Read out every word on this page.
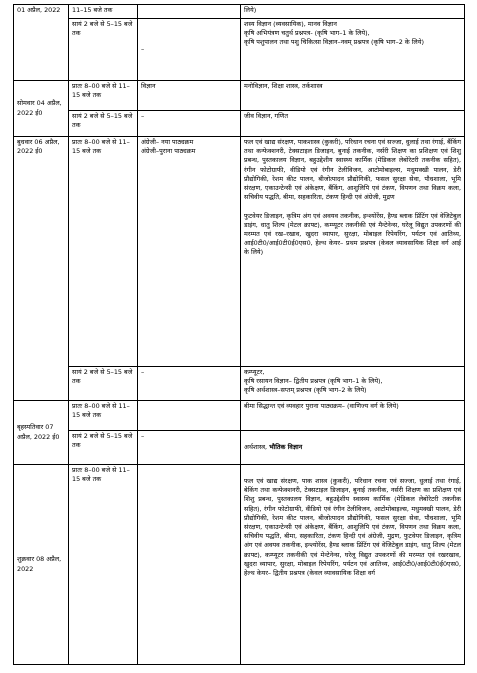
01 अप्रैल, 2022	11–15 बजे तक		लिये)
	सायं 2 बजे से 5–15 बजे तक	–	शस्य विज्ञान (व्यवसायिक), मानव विज्ञान
कृषि अभियंत्रण चतुर्थ प्रश्नपत्र- (कृषि भाग–1 के लिये),
कृषि पशुपालन तथा पशु चिकित्सा विज्ञान–नवम् प्रश्नपत्र (कृषि भाग–2 के लिये)
सोमवार 04 अप्रैल, 2022 ई0	प्रातः 8–00 बजे से 11–15 बजे तक	विज्ञान	मनोविज्ञान, शिक्षा शास्त्र, तर्कशास्त्र
	सायं 2 बजे से 5–15 बजे तक	–	जीव विज्ञान, गणित
बुधवार 06 अप्रैल, 2022 ई0	प्रातः 8–00 बजे से 11–15 बजे तक	अंग्रेजी– नया पाठ्यक्रम
अंग्रेजी–पुराना पाठ्यक्रम	फल एवं खाद्य संरक्षण, पाकशास्त्र (कुकरी), परिधान रचना एवं सज्जा, धुलाई तथा रंगाई, बैंकिंग तथा कन्फेक्शनरी, टेक्सटाइल डिजाइन, बुनाई तकनीक, नर्सरी शिक्षण का प्रशिक्षण एवं शिशु प्रबन्ध, पुस्तकालय विज्ञान, बहुउद्देशीय स्वास्थ्य कार्मिक (मेडिकल लेबोरेटरी तकनीक सहित), रंगीन फोटोग्राफी, वीडियो एवं रंगीन टेलीविजन, आटोमोबाइल्स, मधुमक्खी पालन, डेरी प्रौद्योगिकी, रेशम कीट पालन, बीजोत्पादन प्रौद्योगिकी, फसल सुरक्षा सेवा, पौधशाला, भूमि संरक्षण, एकाउन्टेन्सी एवं अंकेक्षण, बैंकिंग, आशुलिपि एवं टंकण, विपणन तथा विक्रय कला, सचिवीय पद्धति, बीमा, सहकारिता, टंकण हिन्दी एवं अंग्रेजी, मुद्रण

फुटवेयर डिजाइन, कृत्रिम अंग एवं अवयव तकनीक, इन्श्योरेंस, हैण्ड ब्लाक प्रिंटिंग एवं वेजिटेबुल डाइंग, धातु शिल्प (मेटल क्राफ्ट), कम्प्यूटर तकनीकी एवं मैन्टेनेन्स, घरेलू विद्युत उपकरणों की मरम्मत एवं रख–रखाव, खुदरा व्यापार, सुरक्षा, मोबाइल रिपेयरिंग, पर्यटन एवं आतिथ्य, आई0टी0/आई0टी0ई0एस0, हेल्थ केयर– प्रथम प्रश्नपत्र (केवल व्यावसायिक शिक्षा वर्ग आई के लिये)
	सायं 2 बजे से 5–15 बजे तक	–	कम्प्यूटर,
कृषि रसायन विज्ञान– द्वितीय प्रश्नपत्र (कृषि भाग–1 के लिये),
कृषि अर्थशास्त्र–सप्तम् प्रश्नपत्र (कृषि भाग–2 के लिये)
बृहस्पतिवार 07 अप्रैल, 2022 ई0	प्रातः 8–00 बजे से 11–15 बजे तक		बीमा सिद्धान्त एवं व्यवहार पुराना पाठ्यक्रम– (वाणिज्य वर्ग के लिये)
	सायं 2 बजे से 5–15 बजे तक	–	अर्थशास्त्र, भौतिक विज्ञान
शुक्रवार 08 अप्रैल, 2022	प्रातः 8–00 बजे से 11–15 बजे तक		फल एवं खाद्य संरक्षण, पाक शास्त्र (कुकरी), परिधान रचना एवं सज्जा, धुलाई तथा रंगाई, बेकिंग तथा कन्फेक्शनरी, टेक्सटाइल डिजाइन, बुनाई तकनीक, नर्सरी शिक्षण का प्रशिक्षण एवं शिशु प्रबन्ध, पुस्तकालय विज्ञान, बहुउद्देशीय स्वास्थ्य कार्मिक (मेडिकल लेबोरेटरी तकनीक सहित), रंगीन फोटोग्राफी, वीडियो एवं रंगीन टेलीविजन, आटोमोबाइल्स, मधुमक्खी पालन, डेरी प्रौद्योगिकी, रेशम कीट पालन, बीजोत्पादन प्रौद्योगिकी, फसल सुरक्षा सेवा, पौधशाला, भूमि संरक्षण, एकाउन्टेन्सी एवं अंकेक्षण, बैंकिंग, आशुलिपि एवं टंकण, विपणन तथा विक्रय कला, सचिवीय पद्धति, बीमा, सहकारिता, टंकण हिन्दी एवं अंग्रेजी, मुद्रण, फुटवेयर डिजाइन, कृत्रिम अंग एवं अवयव तकनीक, इन्श्योरेंस, हैण्ड ब्लाक प्रिंटिंग एवं वेजिटेबुल डाइंग, धातु शिल्प (मेटल क्राफ्ट), कम्प्यूटर तकनीकी एवं मेन्टेनेन्स, घरेलू विद्युत उपकरणों की मरम्मत एवं रखरखाव, खुदरा व्यापार, सुरक्षा, मोबाइल रिपेयरिंग, पर्यटन एवं आतिथ्य, आई0टी0/आई0टी0ई0एस0, हेल्थ केयर– द्वितीय प्रश्नपत्र (केवल व्यावसायिक शिक्षा वर्ग
